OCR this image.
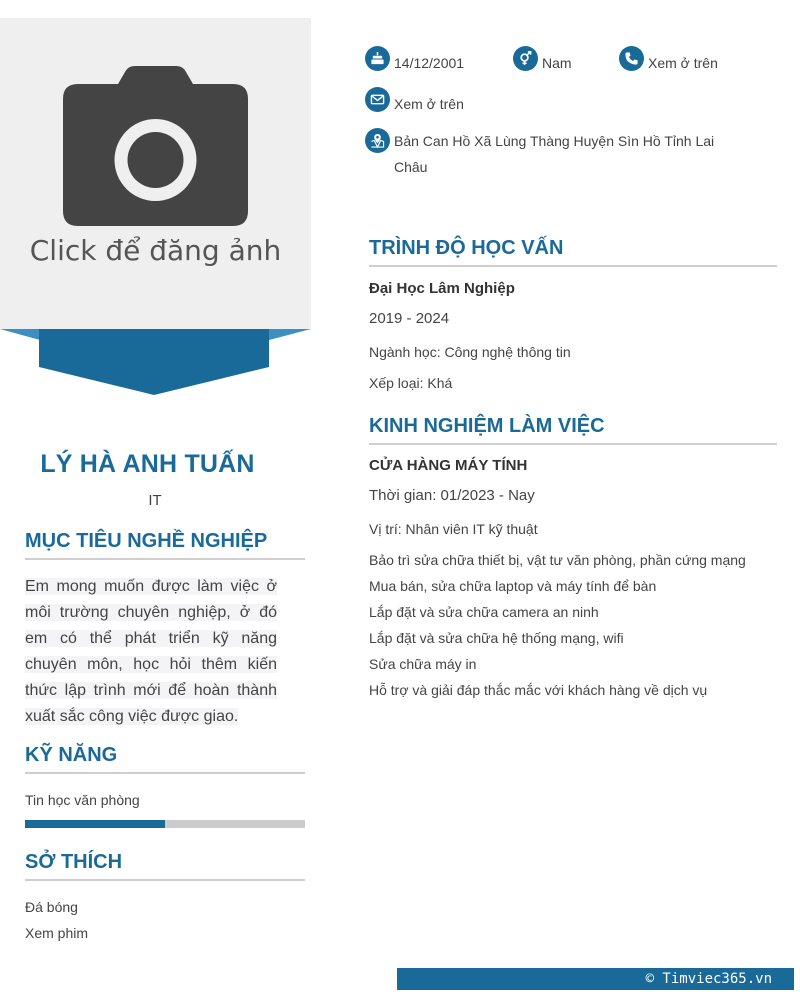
Click để đăng ảnh
LÝ HÀ ANH TUẤN
IT
MỤC TIÊU NGHỀ NGHIỆP
Em mong muốn được làm việc ở môi trường chuyên nghiệp, ở đó em có thể phát triển kỹ năng chuyên môn, học hỏi thêm kiến thức lập trình mới để hoàn thành xuất sắc công việc được giao.
KỸ NĂNG
Tin học văn phòng
SỞ THÍCH
Đá bóng
Xem phim
14/12/2001	Nam	Xem ở trên
Xem ở trên
Bản Can Hồ Xã Lùng Thàng Huyện Sìn Hồ Tỉnh Lai Châu
TRÌNH ĐỘ HỌC VẤN
Đại Học Lâm Nghiệp
2019 - 2024
Ngành học: Công nghệ thông tin
Xếp loại: Khá
KINH NGHIỆM LÀM VIỆC
CỬA HÀNG MÁY TÍNH
Thời gian: 01/2023 - Nay
Vị trí: Nhân viên IT kỹ thuật
Bảo trì sửa chữa thiết bị, vật tư văn phòng, phần cứng mạng
Mua bán, sửa chữa laptop và máy tính để bàn
Lắp đặt và sửa chữa camera an ninh
Lắp đặt và sửa chữa hệ thống mạng, wifi
Sửa chữa máy in
Hỗ trợ và giải đáp thắc mắc với khách hàng về dịch vụ
© Timviec365.vn
